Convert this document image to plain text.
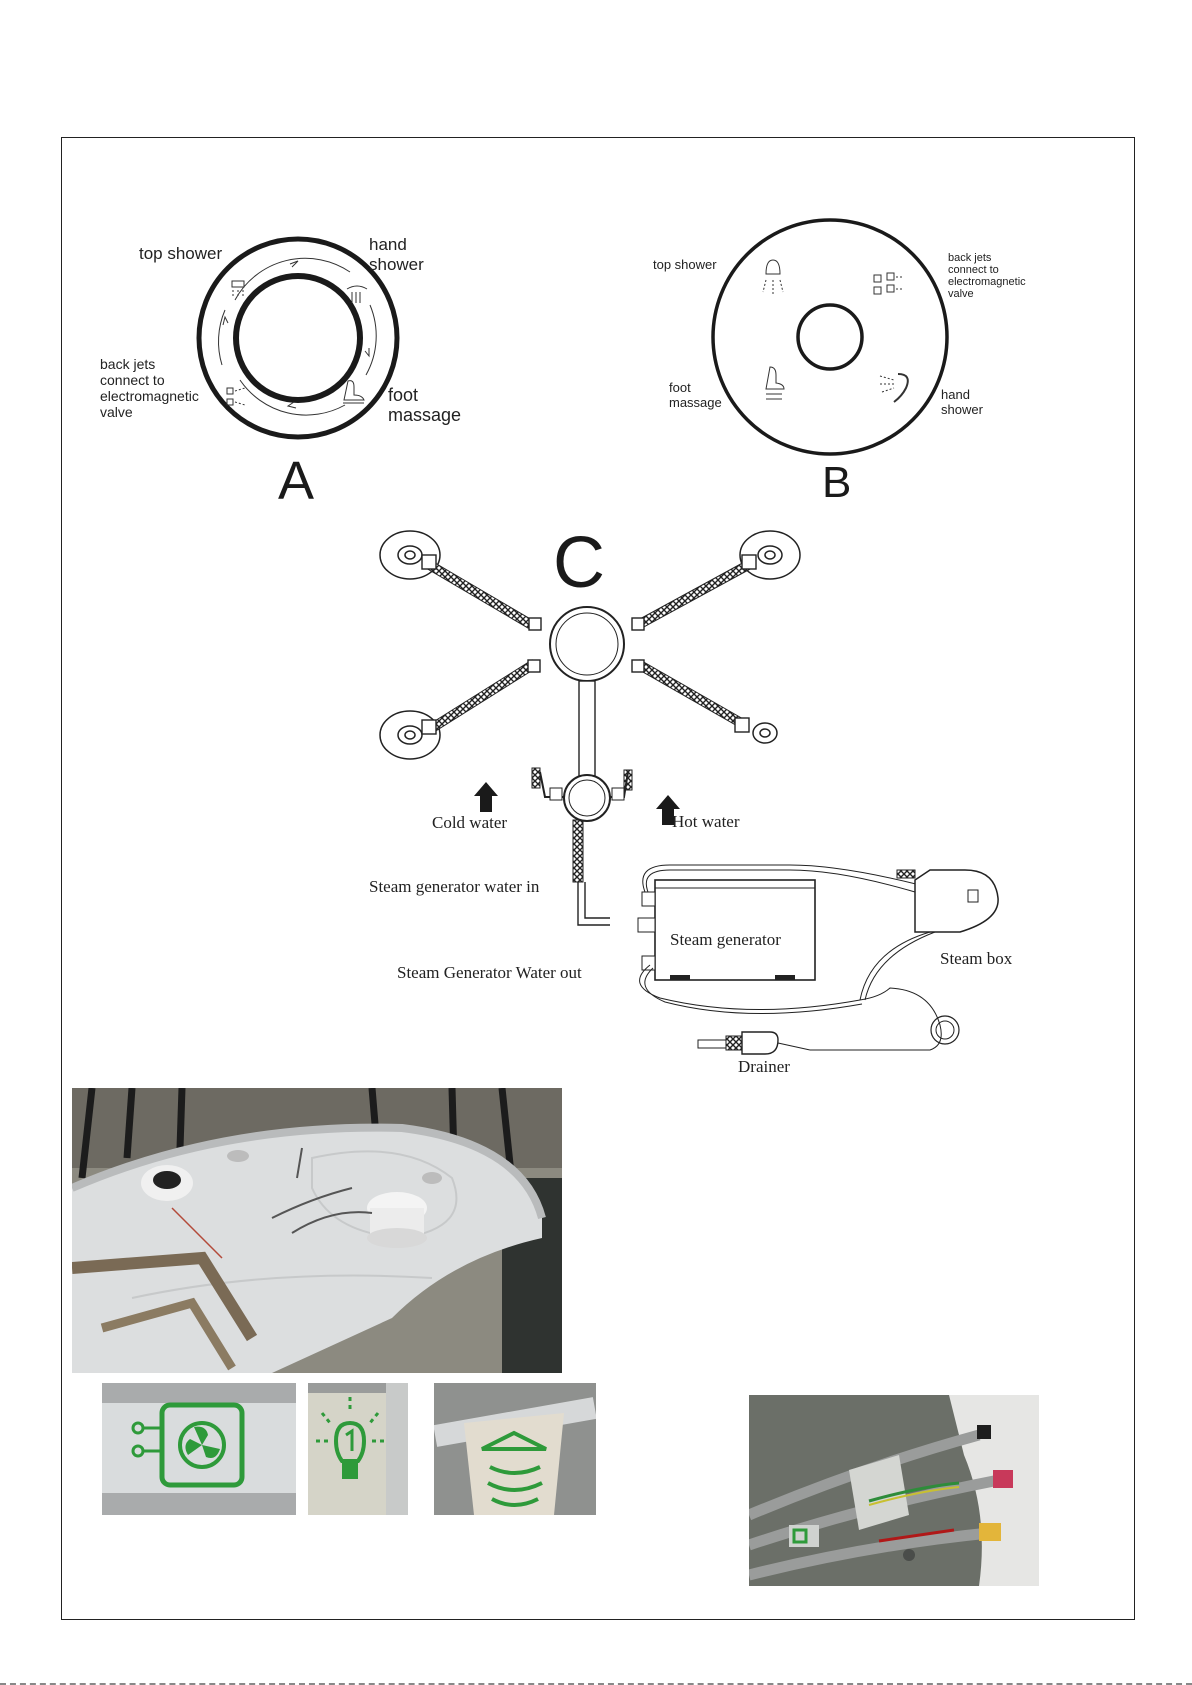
top shower	hand
shower
back jets
connect to
electromagnetic
valve
foot
massage
A
top shower	back jets
connect to
electromagnetic
valve
foot
massage
hand
shower
B
C
Cold water	Hot water
Steam generator water in
Steam generator
Steam box
Steam Generator Water out
Drainer
